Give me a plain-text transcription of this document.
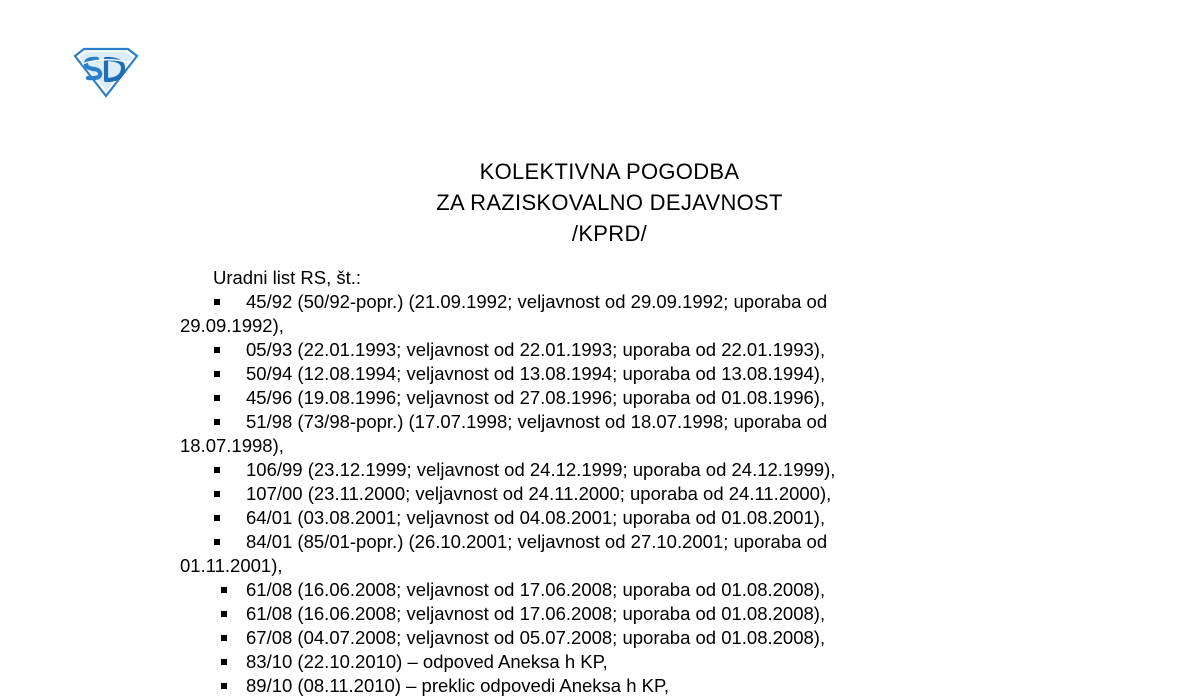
KOLEKTIVNA POGODBA
ZA RAZISKOVALNO DEJAVNOST
/KPRD/
Uradni list RS, št.:
45/92 (50/92-popr.) (21.09.1992; veljavnost od 29.09.1992; uporaba od
29.09.1992),
05/93 (22.01.1993; veljavnost od 22.01.1993; uporaba od 22.01.1993),
50/94 (12.08.1994; veljavnost od 13.08.1994; uporaba od 13.08.1994),
45/96 (19.08.1996; veljavnost od 27.08.1996; uporaba od 01.08.1996),
51/98 (73/98-popr.) (17.07.1998; veljavnost od 18.07.1998; uporaba od
18.07.1998),
106/99 (23.12.1999; veljavnost od 24.12.1999; uporaba od 24.12.1999),
107/00 (23.11.2000; veljavnost od 24.11.2000; uporaba od 24.11.2000),
64/01 (03.08.2001; veljavnost od 04.08.2001; uporaba od 01.08.2001),
84/01 (85/01-popr.) (26.10.2001; veljavnost od 27.10.2001; uporaba od
01.11.2001),
61/08 (16.06.2008; veljavnost od 17.06.2008; uporaba od 01.08.2008),
61/08 (16.06.2008; veljavnost od 17.06.2008; uporaba od 01.08.2008),
67/08 (04.07.2008; veljavnost od 05.07.2008; uporaba od 01.08.2008),
83/10 (22.10.2010) – odpoved Aneksa h KP,
89/10 (08.11.2010) – preklic odpovedi Aneksa h KP,
